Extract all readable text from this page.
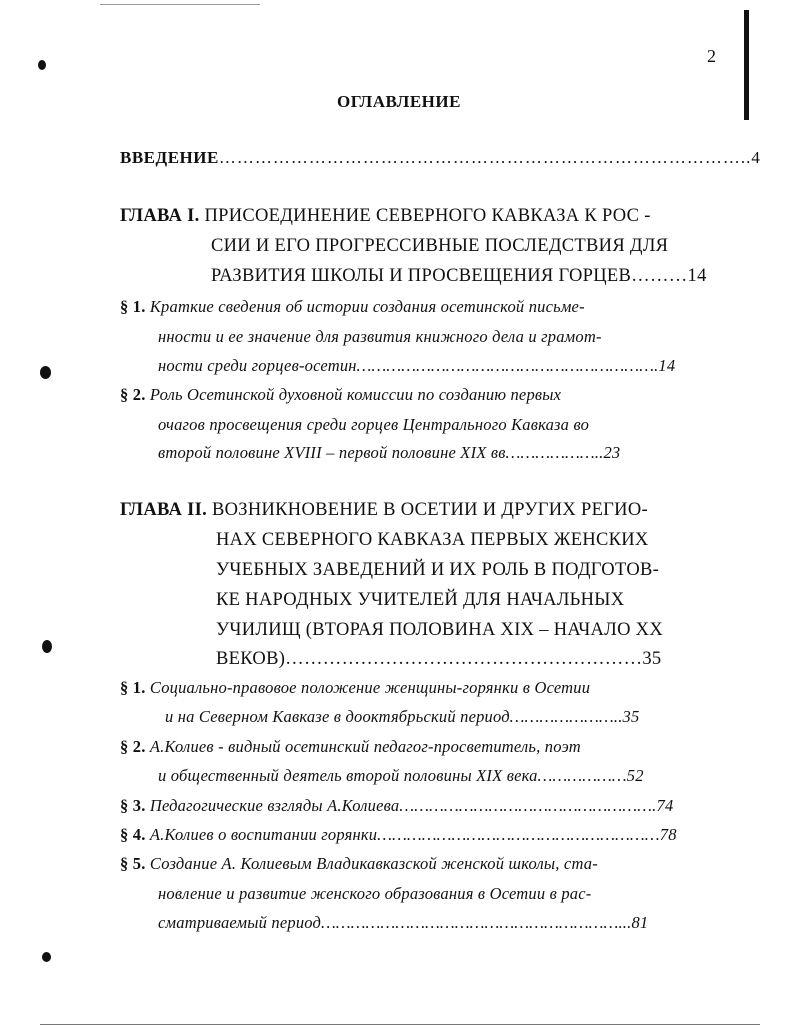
2
ОГЛАВЛЕНИЕ
ВВЕДЕНИЕ……………………………………………………………………………..4
ГЛАВА I. ПРИСОЕДИНЕНИЕ СЕВЕРНОГО КАВКАЗА К РОС -
СИИ И ЕГО ПРОГРЕССИВНЫЕ ПОСЛЕДСТВИЯ ДЛЯ
РАЗВИТИЯ ШКОЛЫ И ПРОСВЕЩЕНИЯ ГОРЦЕВ………14
§ 1. Краткие сведения об истории создания осетинской письме-
нности и ее значение для развития книжного дела и грамот-
ности среди горцев-осетин…………………………………………………….14
§ 2. Роль Осетинской духовной комиссии по созданию первых
очагов просвещения среди горцев Центрального Кавказа во
второй половине XVIII – первой половине XIX вв………………..23
ГЛАВА II. ВОЗНИКНОВЕНИЕ В ОСЕТИИ И ДРУГИХ РЕГИО-
НАХ СЕВЕРНОГО КАВКАЗА ПЕРВЫХ ЖЕНСКИХ
УЧЕБНЫХ ЗАВЕДЕНИЙ И ИХ РОЛЬ В ПОДГОТОВ-
КЕ НАРОДНЫХ УЧИТЕЛЕЙ ДЛЯ НАЧАЛЬНЫХ
УЧИЛИЩ (ВТОРАЯ ПОЛОВИНА XIX – НАЧАЛО XX
ВЕКОВ)…………………………………………………35
§ 1. Социально-правовое положение женщины-горянки в Осетии
и на Северном Кавказе в дооктябрьский период…………………..35
§ 2. А.Колиев - видный осетинский педагог-просветитель, поэт
и общественный деятель второй половины XIX века………………52
§ 3. Педагогические взгляды А.Колиева…………………………………………….74
§ 4. А.Колиев о воспитании горянки…………………………………………………78
§ 5. Создание А. Колиевым Владикавказской женской школы, ста-
новление и развитие женского образования в Осетии в рас-
сматриваемый период……………………………………………………...81
